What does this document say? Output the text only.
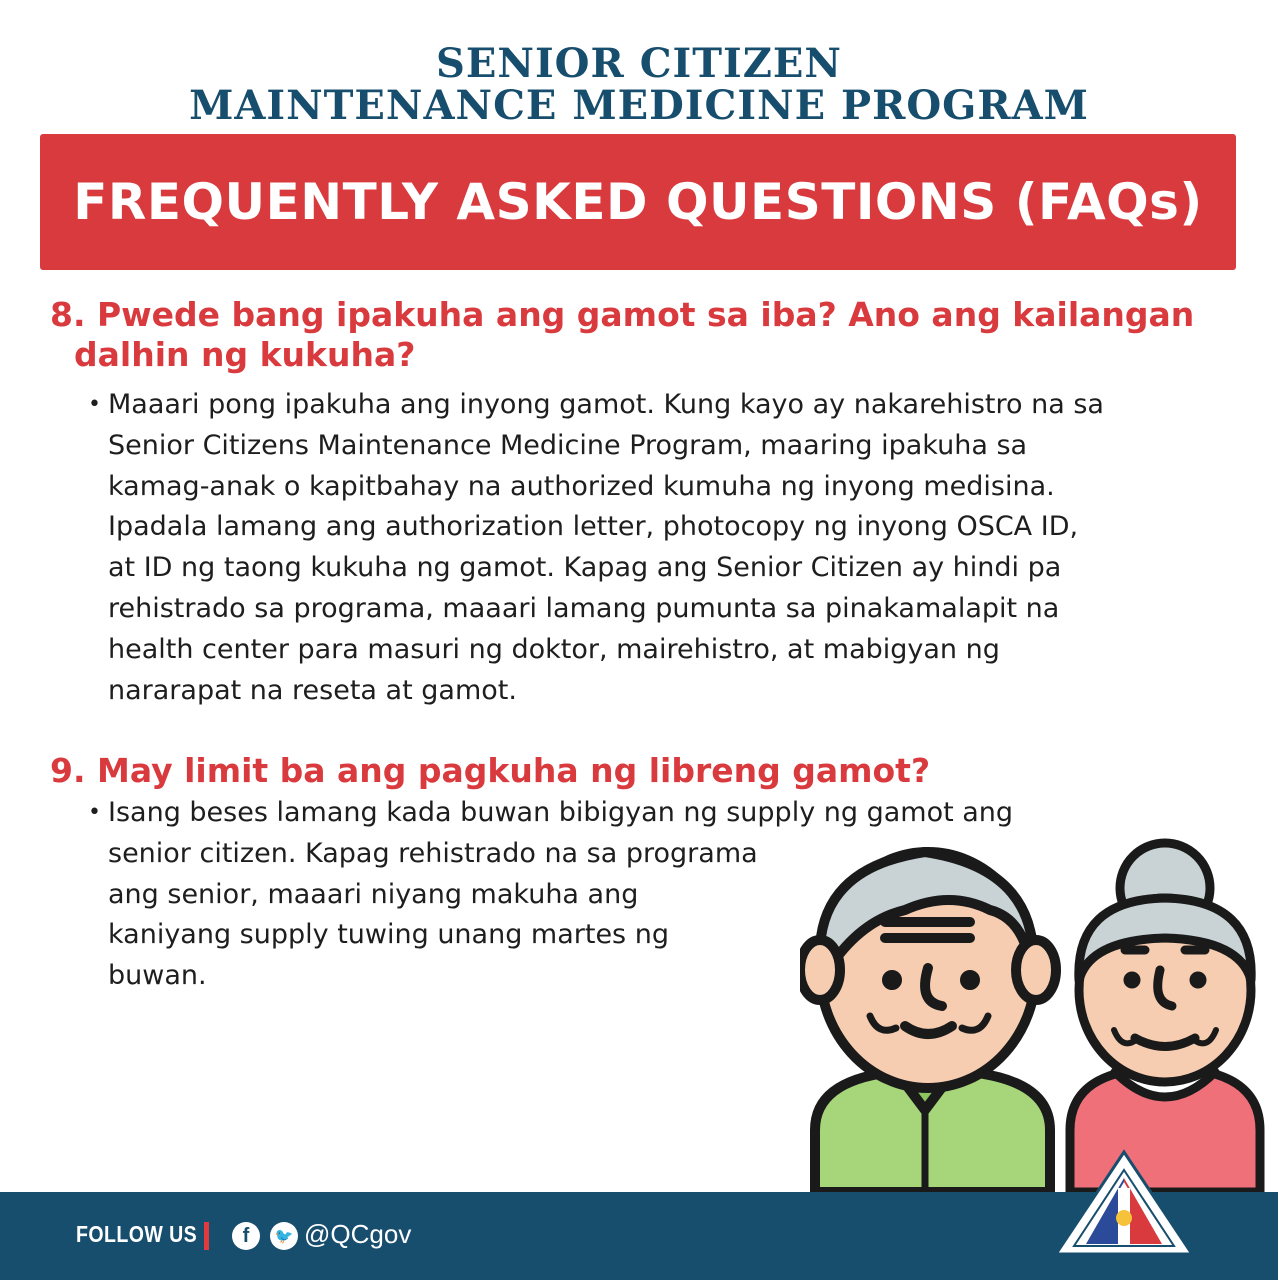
SENIOR CITIZEN
MAINTENANCE MEDICINE PROGRAM
FREQUENTLY ASKED QUESTIONS (FAQs)
8. Pwede bang ipakuha ang gamot sa iba? Ano ang kailangan
dalhin ng kukuha?
• Maaari pong ipakuha ang inyong gamot. Kung kayo ay nakarehistro na sa
Senior Citizens Maintenance Medicine Program, maaring ipakuha sa
kamag-anak o kapitbahay na authorized kumuha ng inyong medisina.
Ipadala lamang ang authorization letter, photocopy ng inyong OSCA ID,
at ID ng taong kukuha ng gamot. Kapag ang Senior Citizen ay hindi pa
rehistrado sa programa, maaari lamang pumunta sa pinakamalapit na
health center para masuri ng doktor, mairehistro, at mabigyan ng
nararapat na reseta at gamot.
9. May limit ba ang pagkuha ng libreng gamot?
• Isang beses lamang kada buwan bibigyan ng supply ng gamot ang
senior citizen. Kapag rehistrado na sa programa
ang senior, maaari niyang makuha ang
kaniyang supply tuwing unang martes ng
buwan.
FOLLOW US	f	🐦 @QCgov
